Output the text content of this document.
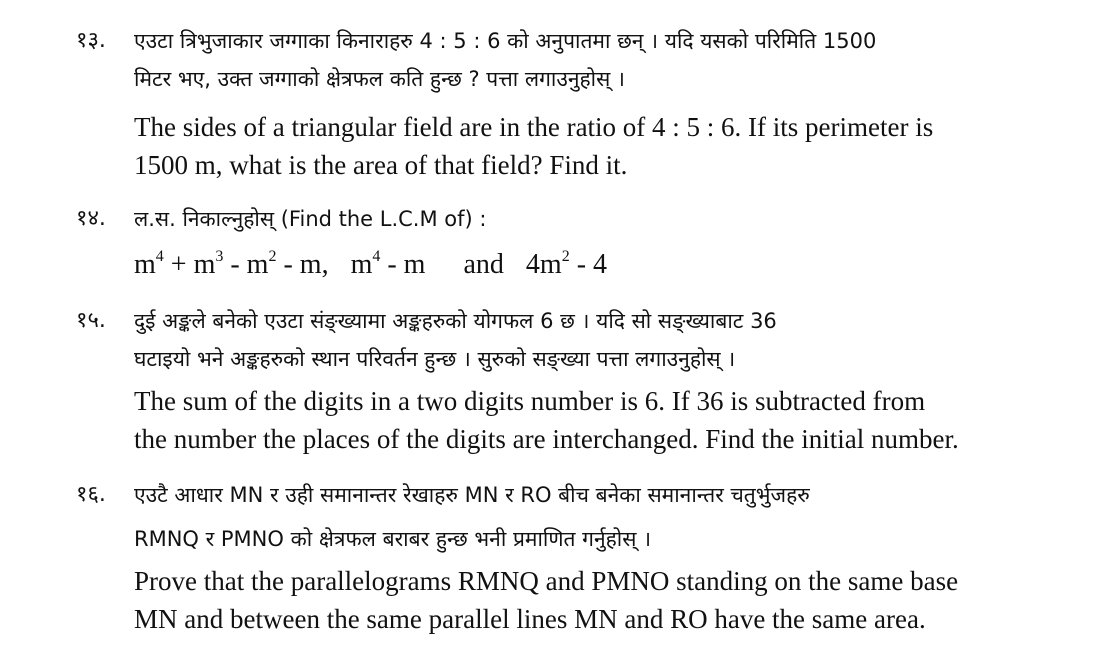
१३. एउटा त्रिभुजाकार जग्गाका किनाराहरु 4 : 5 : 6 को अनुपातमा छन् । यदि यसको परिमिति 1500
मिटर भए, उक्त जग्गाको क्षेत्रफल कति हुन्छ ? पत्ता लगाउनुहोस् ।
The sides of a triangular field are in the ratio of 4 : 5 : 6. If its perimeter is
1500 m, what is the area of that field? Find it.
१४. ल.स. निकाल्नुहोस् (Find the L.C.M of) :
$m^4 + m^3 - m^2 - m$, $m^4$ - m and $4m^2 - 4$
१५. दुई अङ्कले बनेको एउटा संङ्ख्यामा अङ्कहरुको योगफल 6 छ । यदि सो सङ्ख्याबाट 36
घटाइयो भने अङ्कहरुको स्थान परिवर्तन हुन्छ । सुरुको सङ्ख्या पत्ता लगाउनुहोस् ।
The sum of the digits in a two digits number is 6. If 36 is subtracted from
the number the places of the digits are interchanged. Find the initial number.
१६. एउटै आधार MN र उही समानान्तर रेखाहरु MN र RO बीच बनेका समानान्तर चतुर्भुजहरु
RMNQ र PMNO को क्षेत्रफल बराबर हुन्छ भनी प्रमाणित गर्नुहोस् ।
Prove that the parallelograms RMNQ and PMNO standing on the same base
MN and between the same parallel lines MN and RO have the same area.
